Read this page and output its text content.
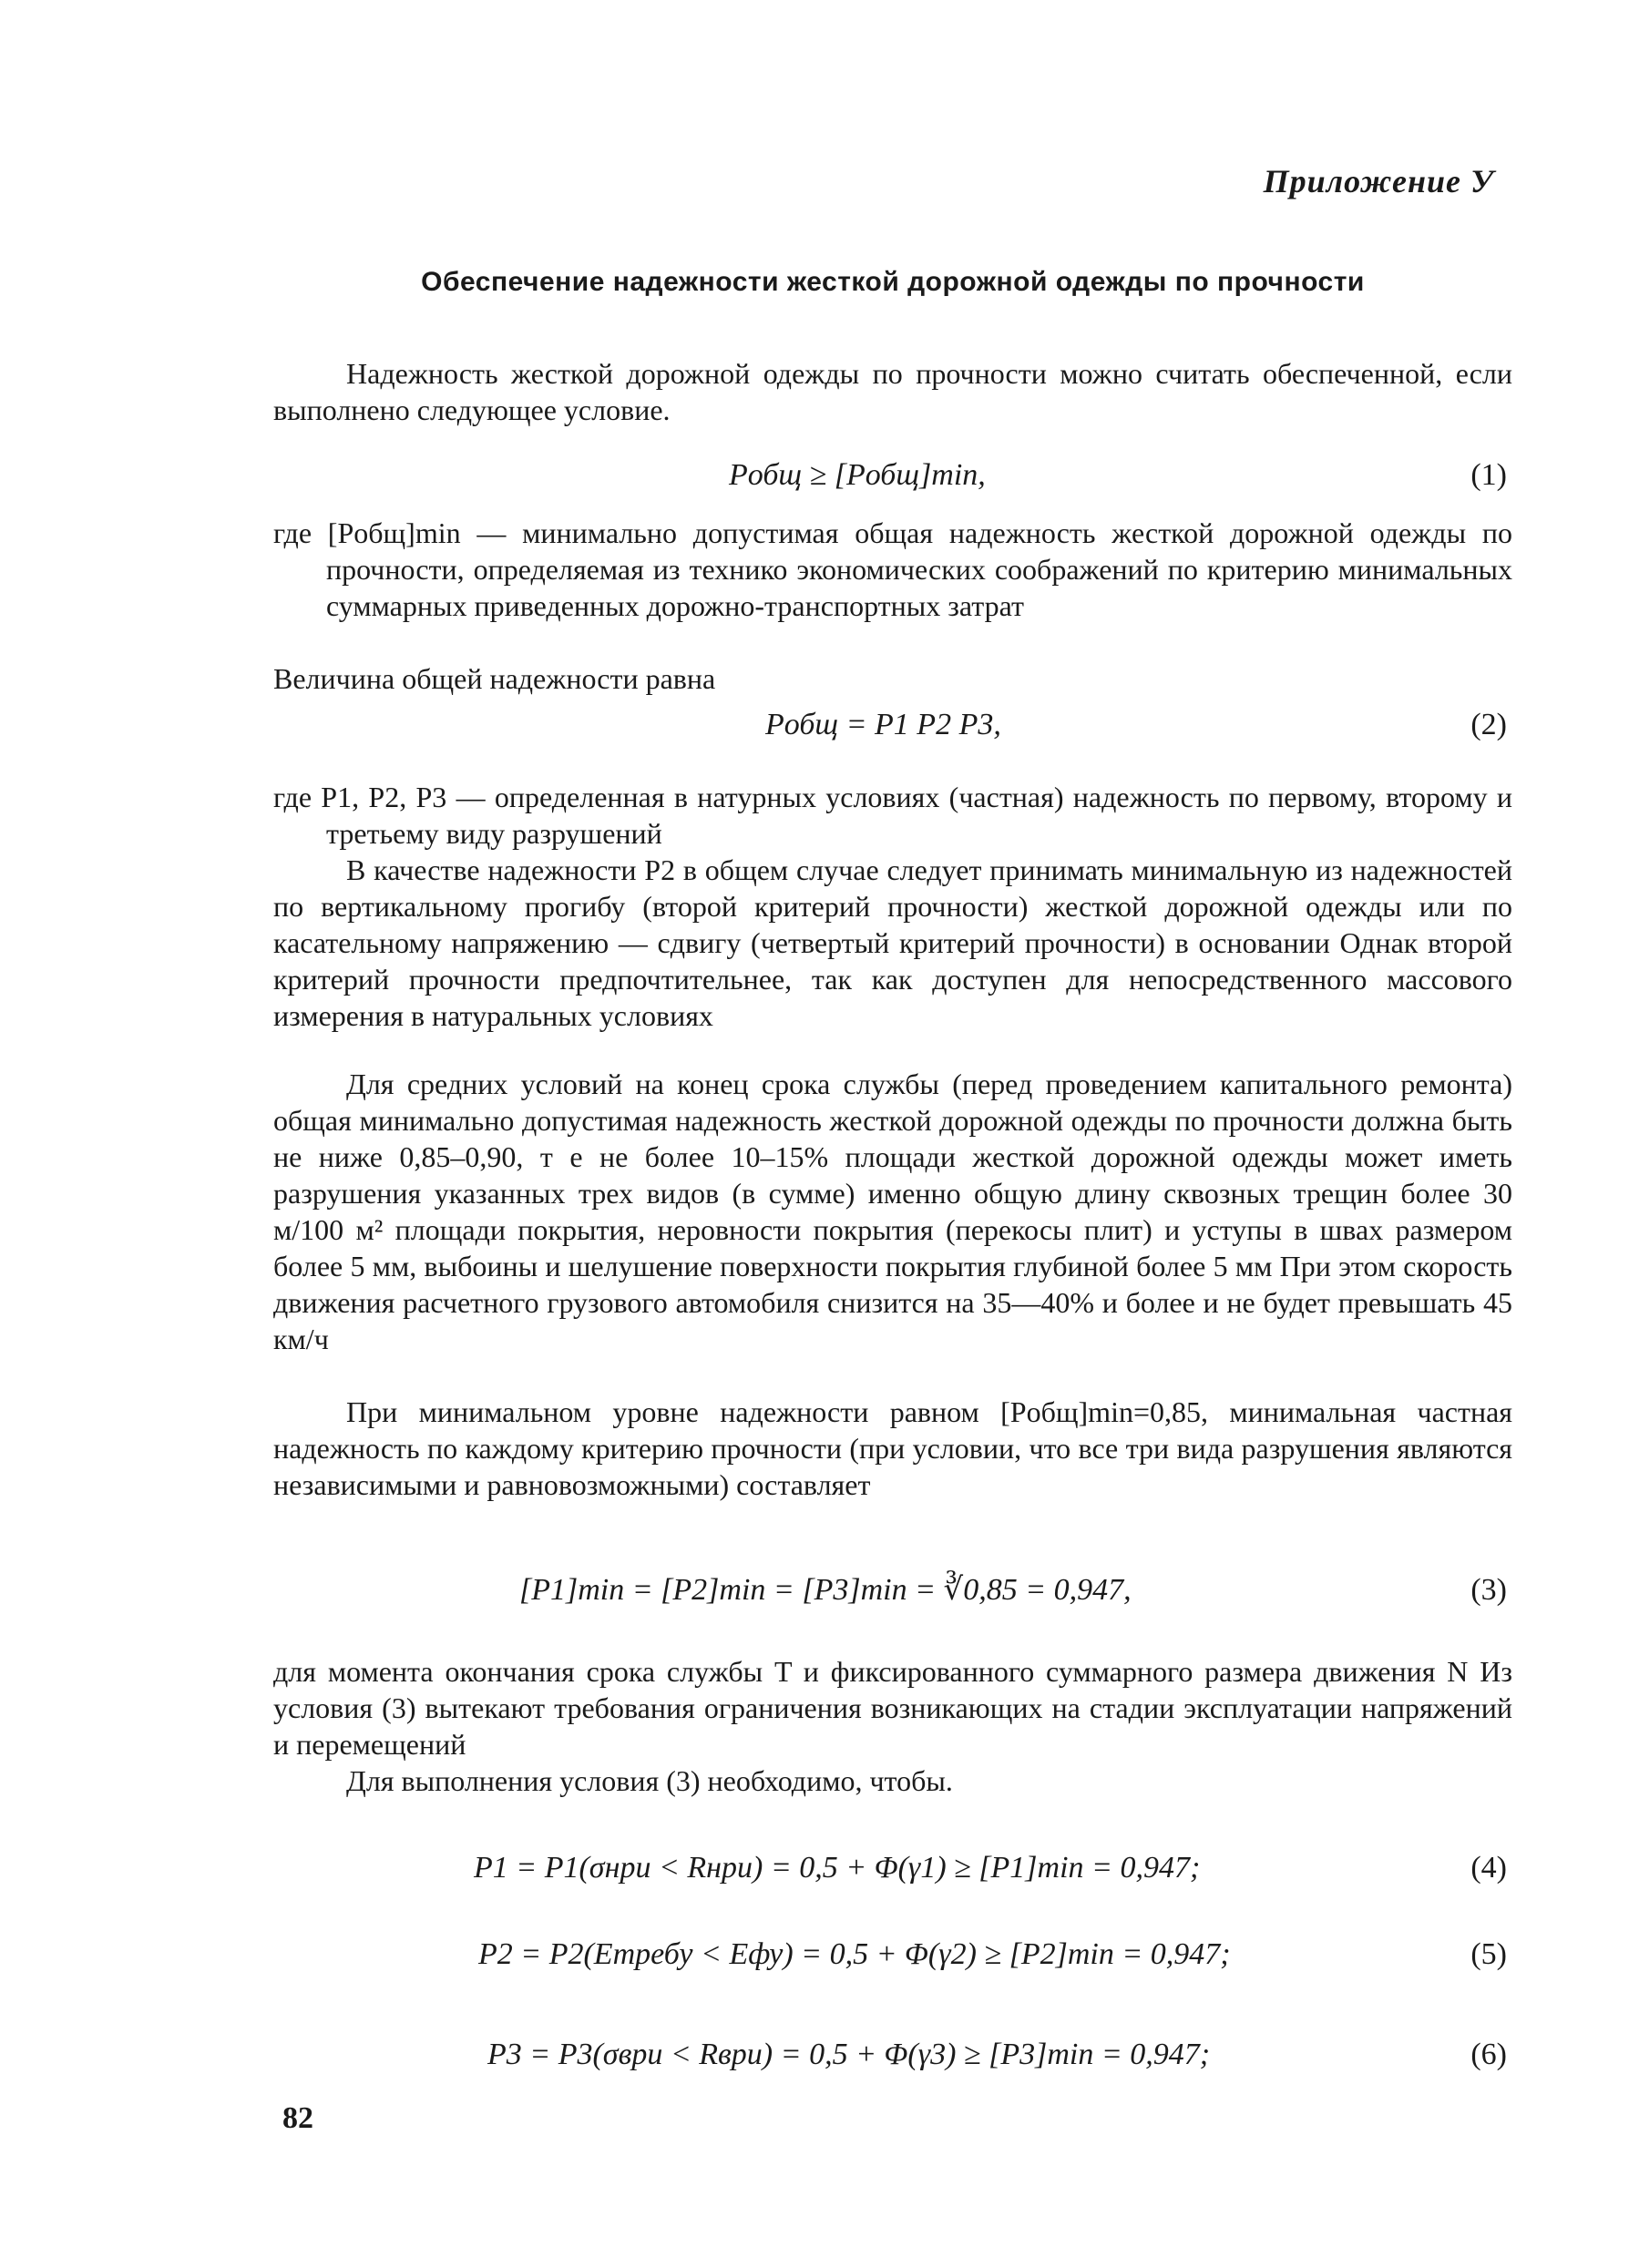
Приложение У
Обеспечение надежности жесткой дорожной одежды по прочности
Надежность жесткой дорожной одежды по прочности можно считать обеспеченной, если выполнено следующее условие.
Pобщ ≥ [Pобщ]min,	(1)
где [Pобщ]min — минимально допустимая общая надежность жесткой дорожной одежды по прочности, определяемая из технико экономических соображений по критерию минимальных суммарных приведенных дорожно-транспортных затрат
Величина общей надежности равна
Pобщ = P1 P2 P3,	(2)
где P1, P2, P3 — определенная в натурных условиях (частная) надежность по первому, второму и третьему виду разрушений
В качестве надежности P2 в общем случае следует принимать минимальную из надежностей по вертикальному прогибу (второй критерий прочности) жесткой дорожной одежды или по касательному напряжению — сдвигу (четвертый критерий прочности) в основании Однак второй критерий прочности предпочтительнее, так как доступен для непосредственного массового измерения в натуральных условиях
Для средних условий на конец срока службы (перед проведением капитального ремонта) общая минимально допустимая надежность жесткой дорожной одежды по прочности должна быть не ниже 0,85–0,90, т е не более 10–15% площади жесткой дорожной одежды может иметь разрушения указанных трех видов (в сумме) именно общую длину сквозных трещин более 30 м/100 м² площади покрытия, неровности покрытия (перекосы плит) и уступы в швах размером более 5 мм, выбоины и шелушение поверхности покрытия глубиной более 5 мм При этом скорость движения расчетного грузового автомобиля снизится на 35—40% и более и не будет превышать 45 км/ч
При минимальном уровне надежности равном [Pобщ]min=0,85, минимальная частная надежность по каждому критерию прочности (при условии, что все три вида разрушения являются независимыми и равновозможными) составляет
[P1]min = [P2]min = [P3]min = ∛0,85 = 0,947,	(3)
для момента окончания срока службы T и фиксированного суммарного размера движения N Из условия (3) вытекают требования ограничения возникающих на стадии эксплуатации напряжений и перемещений
Для выполнения условия (3) необходимо, чтобы.
P1 = P1(σнри < Rнри) = 0,5 + Φ(γ1) ≥ [P1]min = 0,947;	(4)
P2 = P2(Eтребу < Eфу) = 0,5 + Φ(γ2) ≥ [P2]min = 0,947;	(5)
P3 = P3(σври < Rври) = 0,5 + Φ(γ3) ≥ [P3]min = 0,947;	(6)
82
